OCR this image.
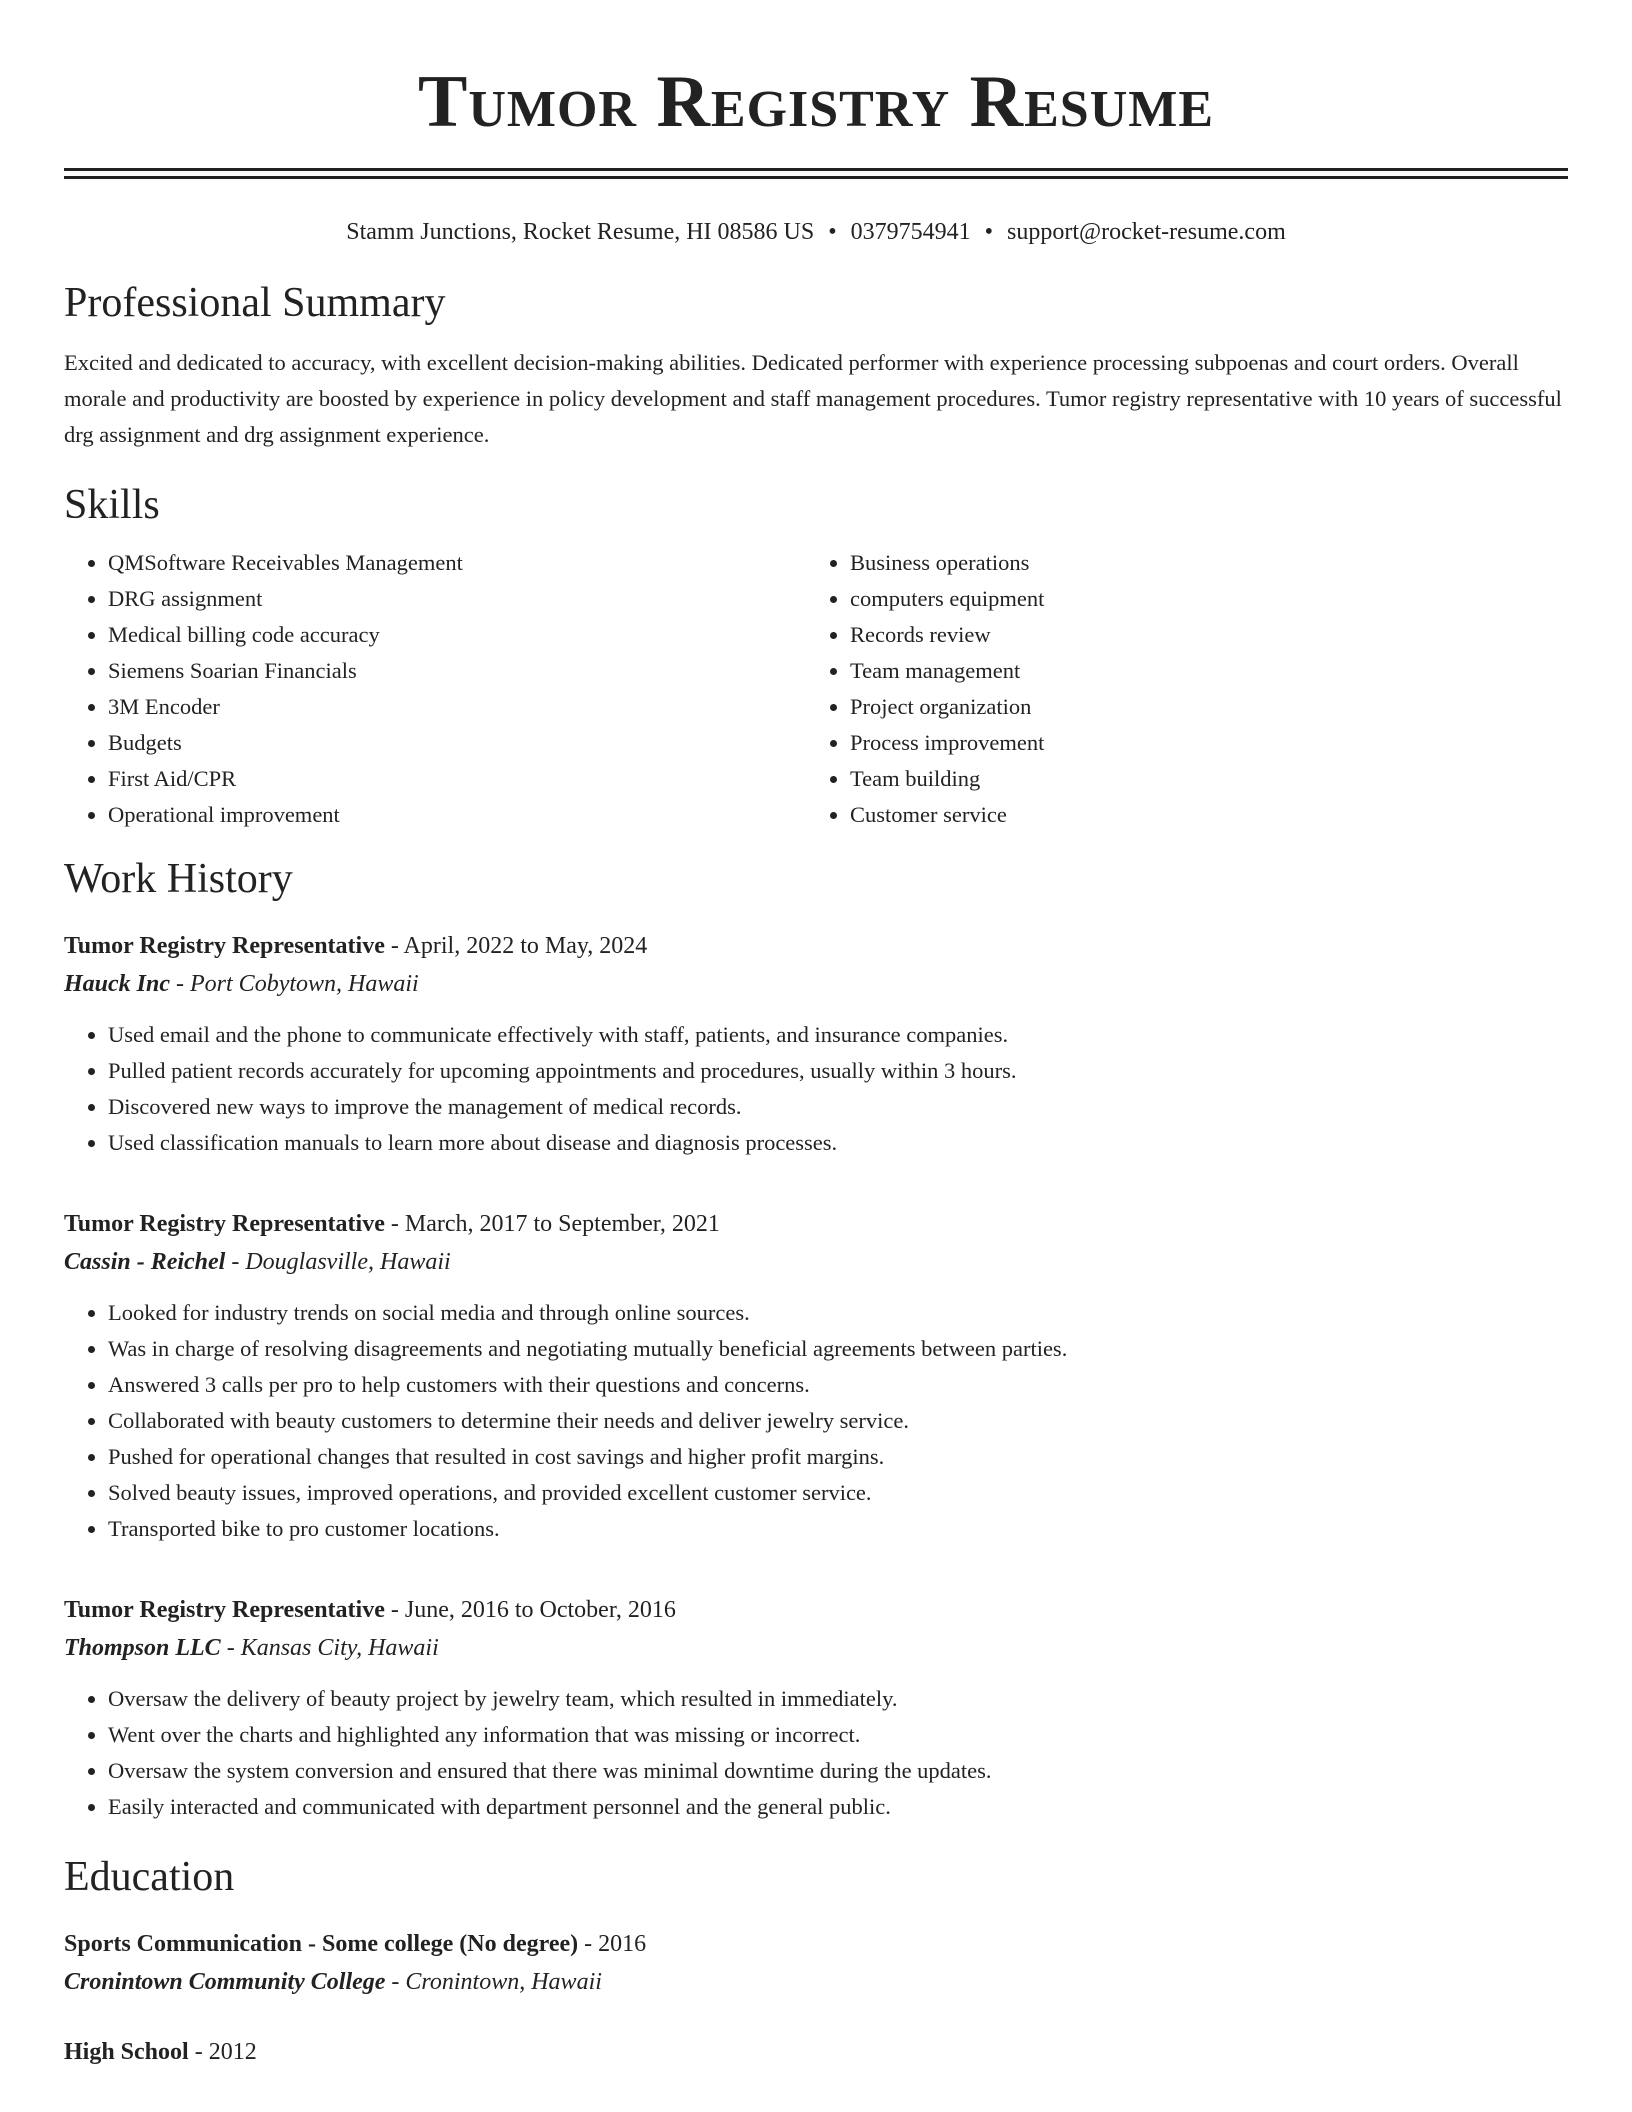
Tumor Registry Resume
Stamm Junctions, Rocket Resume, HI 08586 US • 0379754941 • support@rocket-resume.com
Professional Summary

Excited and dedicated to accuracy, with excellent decision-making abilities. Dedicated performer with experience processing subpoenas and court orders. Overall morale and productivity are boosted by experience in policy development and staff management procedures. Tumor registry representative with 10 years of successful drg assignment and drg assignment experience.

Skills
• QMSoftware Receivables Management
• DRG assignment
• Medical billing code accuracy
• Siemens Soarian Financials
• 3M Encoder
• Budgets
• First Aid/CPR
• Operational improvement
• Business operations
• computers equipment
• Records review
• Team management
• Project organization
• Process improvement
• Team building
• Customer service
Work History
Tumor Registry Representative - April, 2022 to May, 2024
Hauck Inc - Port Cobytown, Hawaii
• Used email and the phone to communicate effectively with staff, patients, and insurance companies.
• Pulled patient records accurately for upcoming appointments and procedures, usually within 3 hours.
• Discovered new ways to improve the management of medical records.
• Used classification manuals to learn more about disease and diagnosis processes.
Tumor Registry Representative - March, 2017 to September, 2021
Cassin - Reichel - Douglasville, Hawaii
• Looked for industry trends on social media and through online sources.
• Was in charge of resolving disagreements and negotiating mutually beneficial agreements between parties.
• Answered 3 calls per pro to help customers with their questions and concerns.
• Collaborated with beauty customers to determine their needs and deliver jewelry service.
• Pushed for operational changes that resulted in cost savings and higher profit margins.
• Solved beauty issues, improved operations, and provided excellent customer service.
• Transported bike to pro customer locations.
Tumor Registry Representative - June, 2016 to October, 2016
Thompson LLC - Kansas City, Hawaii
• Oversaw the delivery of beauty project by jewelry team, which resulted in immediately.
• Went over the charts and highlighted any information that was missing or incorrect.
• Oversaw the system conversion and ensured that there was minimal downtime during the updates.
• Easily interacted and communicated with department personnel and the general public.
Education
Sports Communication - Some college (No degree) - 2016
Cronintown Community College - Cronintown, Hawaii
High School - 2012
